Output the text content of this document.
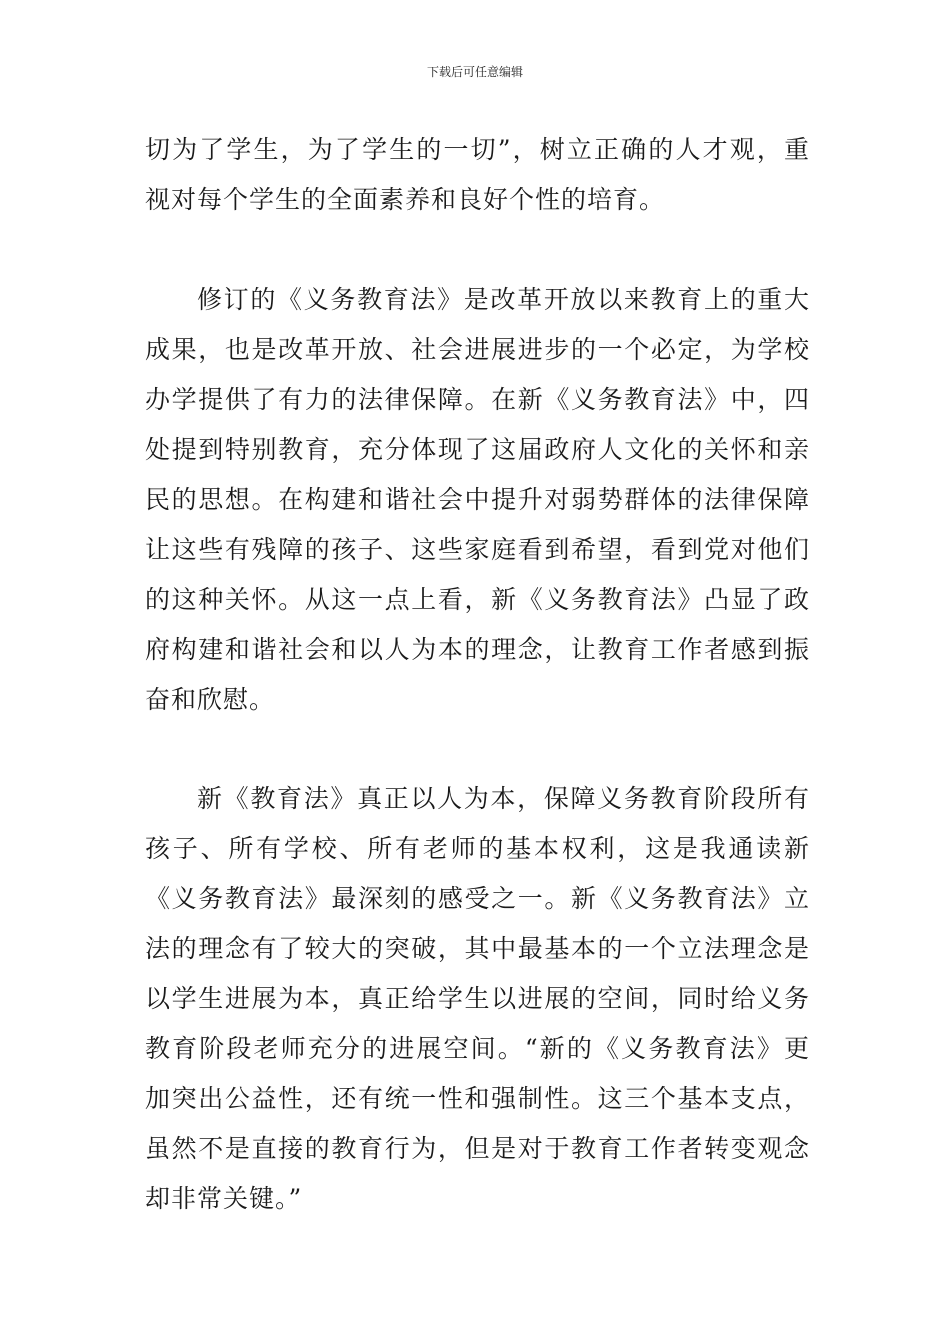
下载后可任意编辑
切为了学生，为了学生的一切”，树立正确的人才观，重
视对每个学生的全面素养和良好个性的培育。
修订的《义务教育法》是改革开放以来教育上的重大
成果，也是改革开放、社会进展进步的一个必定，为学校
办学提供了有力的法律保障。在新《义务教育法》中，四
处提到特别教育，充分体现了这届政府人文化的关怀和亲
民的思想。在构建和谐社会中提升对弱势群体的法律保障
让这些有残障的孩子、这些家庭看到希望，看到党对他们
的这种关怀。从这一点上看，新《义务教育法》凸显了政
府构建和谐社会和以人为本的理念，让教育工作者感到振
奋和欣慰。
新《教育法》真正以人为本，保障义务教育阶段所有
孩子、所有学校、所有老师的基本权利，这是我通读新
《义务教育法》最深刻的感受之一。新《义务教育法》立
法的理念有了较大的突破，其中最基本的一个立法理念是
以学生进展为本，真正给学生以进展的空间，同时给义务
教育阶段老师充分的进展空间。“新的《义务教育法》更
加突出公益性，还有统一性和强制性。这三个基本支点，
虽然不是直接的教育行为，但是对于教育工作者转变观念
却非常关键。”
